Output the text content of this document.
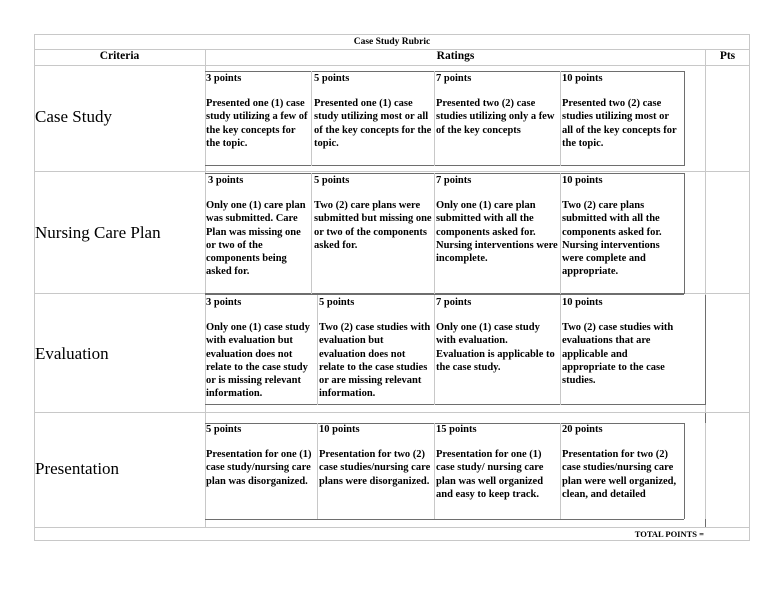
Case Study Rubric
Criteria	Ratings	Pts
Case Study
3 points
Presented one (1) case study utilizing a few of the key concepts for the topic.
5 points
Presented one (1) case study utilizing most or all of the key concepts for the topic.
7 points
Presented two (2) case studies utilizing only a few of the key concepts
10 points
Presented two (2) case studies utilizing most or all of the key concepts for the topic.
Nursing Care Plan
3 points
Only one (1) care plan was submitted. Care Plan was missing one or two of the components being asked for.
5 points
Two (2) care plans were submitted but missing one or two of the components asked for.
7 points
Only one (1) care plan submitted with all the components asked for. Nursing interventions were incomplete.
10 points
Two (2) care plans submitted with all the components asked for. Nursing interventions were complete and appropriate.
Evaluation
3 points
Only one (1) case study with evaluation but evaluation does not relate to the case study or is missing relevant information.
5 points
Two (2) case studies with evaluation but evaluation does not relate to the case studies or are missing relevant information.
7 points
Only one (1) case study with evaluation. Evaluation is applicable to the case study.
10 points
Two (2) case studies with evaluations that are applicable and appropriate to the case studies.
Presentation
5 points
Presentation for one (1) case study/nursing care plan was disorganized.
10 points
Presentation for two (2) case studies/nursing care plans were disorganized.
15 points
Presentation for one (1) case study/ nursing care plan was well organized and easy to keep track.
20 points
Presentation for two (2) case studies/nursing care plan were well organized, clean, and detailed
TOTAL POINTS =
